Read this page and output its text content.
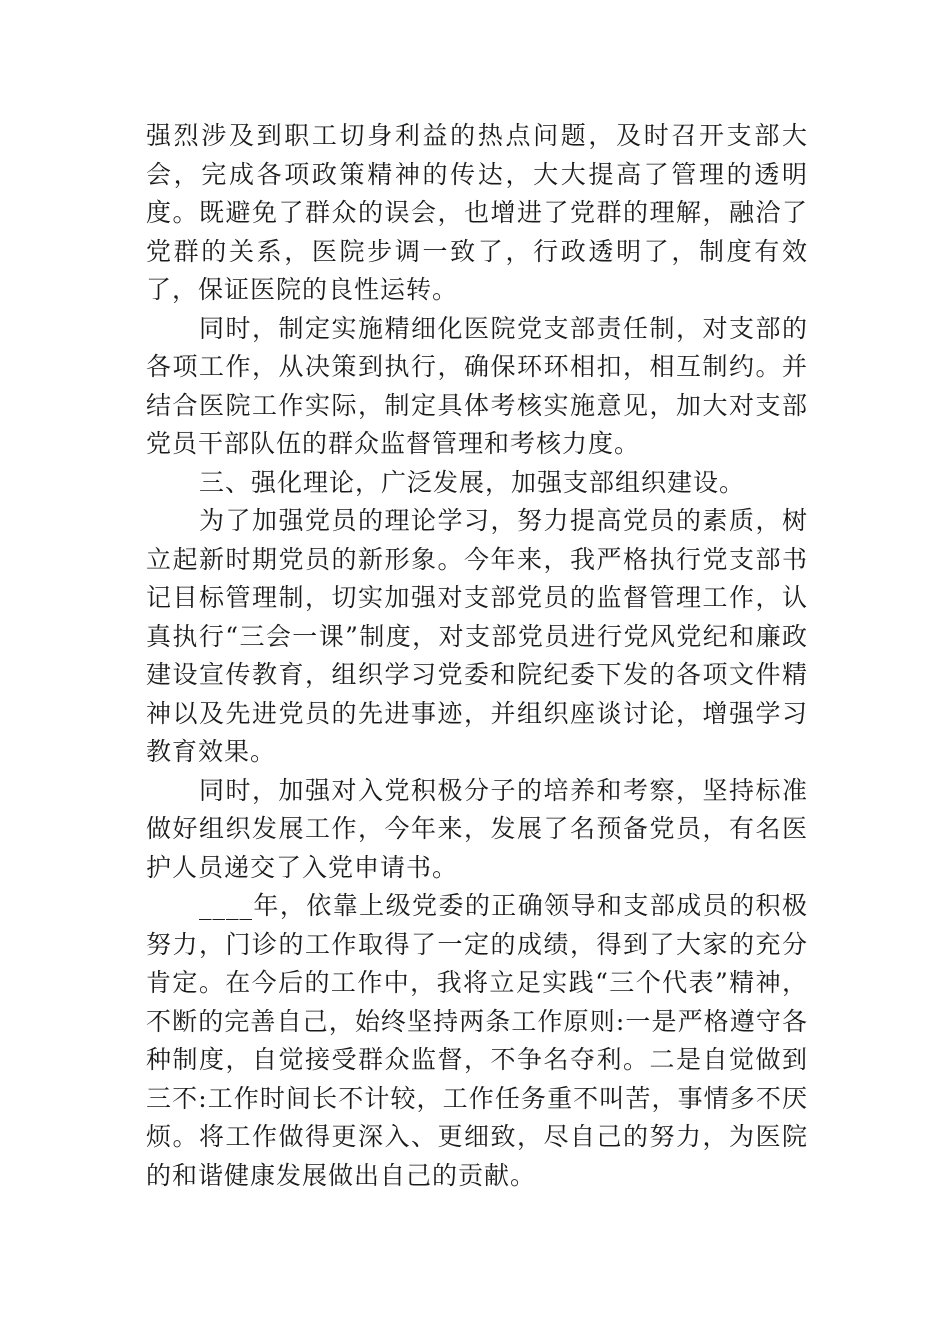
强烈涉及到职工切身利益的热点问题，及时召开支部大会，完成各项政策精神的传达，大大提高了管理的透明度。既避免了群众的误会，也增进了党群的理解，融洽了党群的关系，医院步调一致了，行政透明了，制度有效了，保证医院的良性运转。

同时，制定实施精细化医院党支部责任制，对支部的各项工作，从决策到执行，确保环环相扣，相互制约。并结合医院工作实际，制定具体考核实施意见，加大对支部党员干部队伍的群众监督管理和考核力度。

三、强化理论，广泛发展，加强支部组织建设。

为了加强党员的理论学习，努力提高党员的素质，树立起新时期党员的新形象。今年来，我严格执行党支部书记目标管理制，切实加强对支部党员的监督管理工作，认真执行“三会一课”制度，对支部党员进行党风党纪和廉政建设宣传教育，组织学习党委和院纪委下发的各项文件精神以及先进党员的先进事迹，并组织座谈讨论，增强学习教育效果。

同时，加强对入党积极分子的培养和考察，坚持标准做好组织发展工作，今年来，发展了名预备党员，有名医护人员递交了入党申请书。

____年，依靠上级党委的正确领导和支部成员的积极努力，门诊的工作取得了一定的成绩，得到了大家的充分肯定。在今后的工作中，我将立足实践“三个代表”精神，不断的完善自己，始终坚持两条工作原则:一是严格遵守各种制度，自觉接受群众监督，不争名夺利。二是自觉做到三不:工作时间长不计较，工作任务重不叫苦，事情多不厌烦。将工作做得更深入、更细致，尽自己的努力，为医院的和谐健康发展做出自己的贡献。
